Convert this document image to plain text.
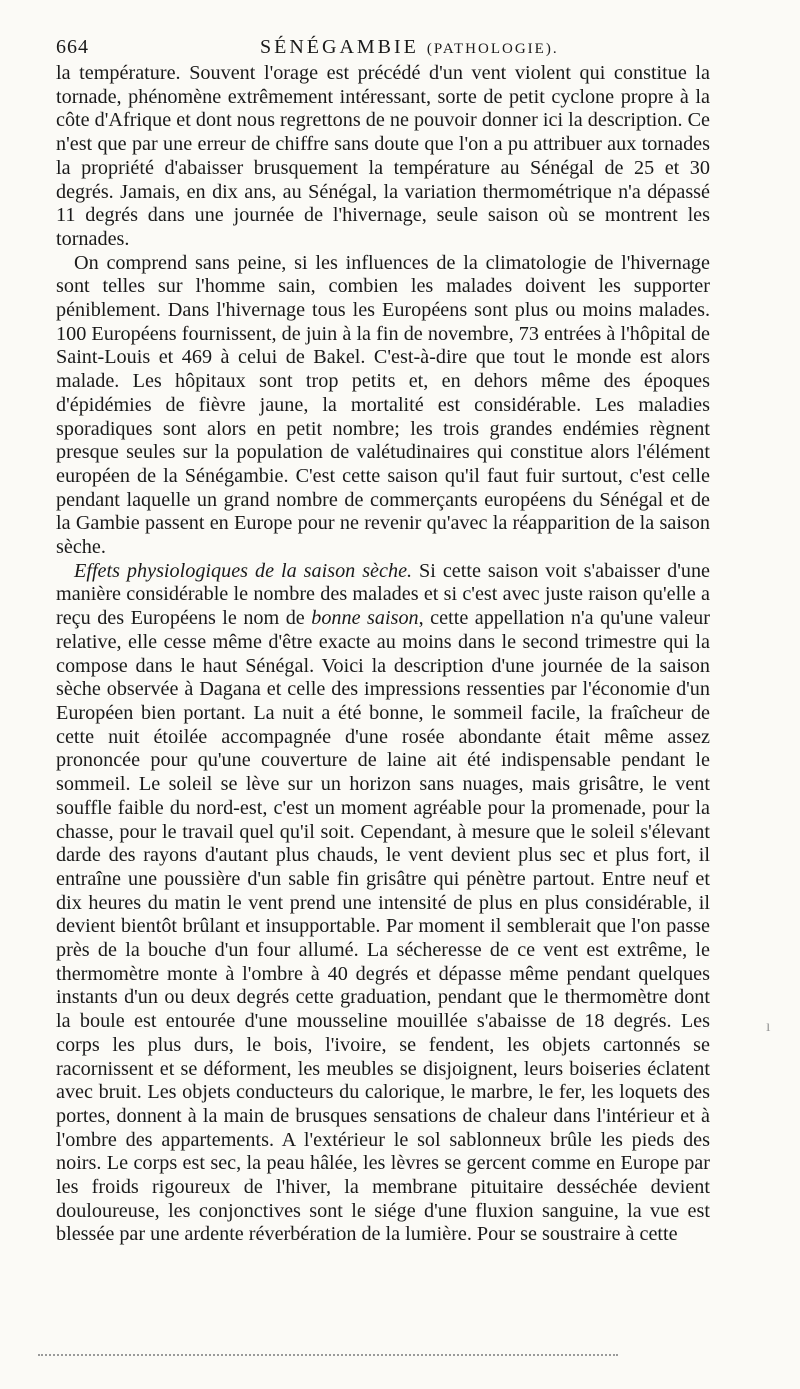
664	SÉNÉGAMBIE (PATHOLOGIE).

la température. Souvent l'orage est précédé d'un vent violent qui constitue la tornade, phénomène extrêmement intéressant, sorte de petit cyclone propre à la côte d'Afrique et dont nous regrettons de ne pouvoir donner ici la description. Ce n'est que par une erreur de chiffre sans doute que l'on a pu attribuer aux tornades la propriété d'abaisser brusquement la température au Sénégal de 25 et 30 degrés. Jamais, en dix ans, au Sénégal, la variation thermométrique n'a dépassé 11 degrés dans une journée de l'hivernage, seule saison où se montrent les tornades.

On comprend sans peine, si les influences de la climatologie de l'hivernage sont telles sur l'homme sain, combien les malades doivent les supporter péniblement. Dans l'hivernage tous les Européens sont plus ou moins malades. 100 Européens fournissent, de juin à la fin de novembre, 73 entrées à l'hôpital de Saint-Louis et 469 à celui de Bakel. C'est-à-dire que tout le monde est alors malade. Les hôpitaux sont trop petits et, en dehors même des époques d'épidémies de fièvre jaune, la mortalité est considérable. Les maladies sporadiques sont alors en petit nombre; les trois grandes endémies règnent presque seules sur la population de valétudinaires qui constitue alors l'élément européen de la Sénégambie. C'est cette saison qu'il faut fuir surtout, c'est celle pendant laquelle un grand nombre de commerçants européens du Sénégal et de la Gambie passent en Europe pour ne revenir qu'avec la réapparition de la saison sèche.

Effets physiologiques de la saison sèche. Si cette saison voit s'abaisser d'une manière considérable le nombre des malades et si c'est avec juste raison qu'elle a reçu des Européens le nom de bonne saison, cette appellation n'a qu'une valeur relative, elle cesse même d'être exacte au moins dans le second trimestre qui la compose dans le haut Sénégal. Voici la description d'une journée de la saison sèche observée à Dagana et celle des impressions ressenties par l'économie d'un Européen bien portant. La nuit a été bonne, le sommeil facile, la fraîcheur de cette nuit étoilée accompagnée d'une rosée abondante était même assez prononcée pour qu'une couverture de laine ait été indispensable pendant le sommeil. Le soleil se lève sur un horizon sans nuages, mais grisâtre, le vent souffle faible du nord-est, c'est un moment agréable pour la promenade, pour la chasse, pour le travail quel qu'il soit. Cependant, à mesure que le soleil s'élevant darde des rayons d'autant plus chauds, le vent devient plus sec et plus fort, il entraîne une poussière d'un sable fin grisâtre qui pénètre partout. Entre neuf et dix heures du matin le vent prend une intensité de plus en plus considérable, il devient bientôt brûlant et insupportable. Par moment il semblerait que l'on passe près de la bouche d'un four allumé. La sécheresse de ce vent est extrême, le thermomètre monte à l'ombre à 40 degrés et dépasse même pendant quelques instants d'un ou deux degrés cette graduation, pendant que le thermomètre dont la boule est entourée d'une mousseline mouillée s'abaisse de 18 degrés. Les corps les plus durs, le bois, l'ivoire, se fendent, les objets cartonnés se racornissent et se déforment, les meubles se disjoignent, leurs boiseries éclatent avec bruit. Les objets conducteurs du calorique, le marbre, le fer, les loquets des portes, donnent à la main de brusques sensations de chaleur dans l'intérieur et à l'ombre des appartements. A l'extérieur le sol sablonneux brûle les pieds des noirs. Le corps est sec, la peau hâlée, les lèvres se gercent comme en Europe par les froids rigoureux de l'hiver, la membrane pituitaire desséchée devient douloureuse, les conjonctives sont le siége d'une fluxion sanguine, la vue est blessée par une ardente réverbération de la lumière. Pour se soustraire à cette

ı
